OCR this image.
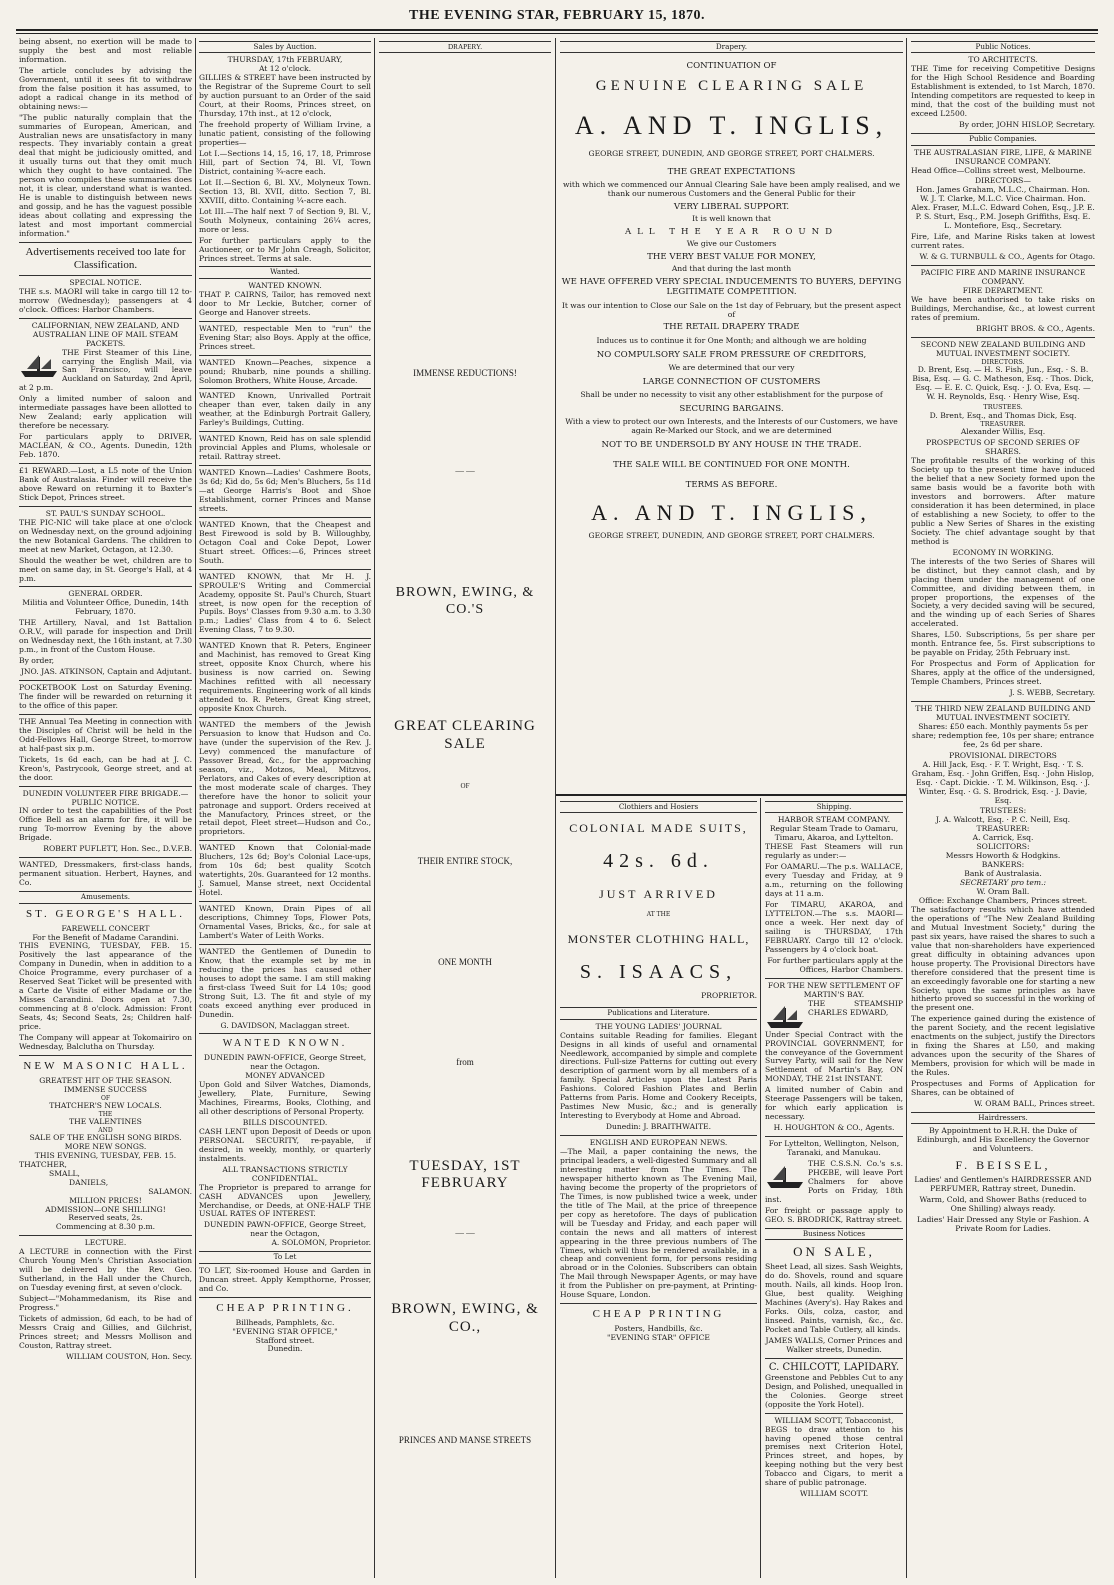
THE EVENING STAR, FEBRUARY 15, 1870.

being absent, no exertion will be made to supply the best and most reliable information.

The article concludes by advising the Government, until it sees fit to withdraw from the false position it has assumed, to adopt a radical change in its method of obtaining news:—

"The public naturally complain that the summaries of European, American, and Australian news are unsatisfactory in many respects. They invariably contain a great deal that might be judiciously omitted, and it usually turns out that they omit much which they ought to have contained. The person who compiles these summaries does not, it is clear, understand what is wanted. He is unable to distinguish between news and gossip, and he has the vaguest possible ideas about collating and expressing the latest and most important commercial information."

Advertisements received too late for Classification.
SPECIAL NOTICE.

THE s.s. MAORI will take in cargo till 12 to-morrow (Wednesday); passengers at 4 o'clock. Offices: Harbor Chambers.

CALIFORNIAN, NEW ZEALAND, AND AUSTRALIAN LINE OF MAIL STEAM PACKETS.

THE First Steamer of this Line, carrying the English Mail, via San Francisco, will leave Auckland on Saturday, 2nd April, at 2 p.m.

Only a limited number of saloon and intermediate passages have been allotted to New Zealand; early application will therefore be necessary.

For particulars apply to DRIVER, MACLEAN, & CO., Agents. Dunedin, 12th Feb. 1870.

£1 REWARD.—Lost, a L5 note of the Union Bank of Australasia. Finder will receive the above Reward on returning it to Baxter's Stick Depot, Princes street.

ST. PAUL'S SUNDAY SCHOOL.

THE PIC-NIC will take place at one o'clock on Wednesday next, on the ground adjoining the new Botanical Gardens. The children to meet at new Market, Octagon, at 12.30.

Should the weather be wet, children are to meet on same day, in St. George's Hall, at 4 p.m.

GENERAL ORDER.

Militia and Volunteer Office, Dunedin, 14th February, 1870.

THE Artillery, Naval, and 1st Battalion O.R.V., will parade for inspection and Drill on Wednesday next, the 16th instant, at 7.30 p.m., in front of the Custom House.

By order,

JNO. JAS. ATKINSON, Captain and Adjutant.

POCKETBOOK Lost on Saturday Evening. The finder will be rewarded on returning it to the office of this paper.

THE Annual Tea Meeting in connection with the Disciples of Christ will be held in the Odd-Fellows Hall, George Street, to-morrow at half-past six p.m.

Tickets, 1s 6d each, can be had at J. C. Kreon's, Pastrycook, George street, and at the door.

DUNEDIN VOLUNTEER FIRE BRIGADE.—PUBLIC NOTICE.

IN order to test the capabilities of the Post Office Bell as an alarm for fire, it will be rung To-morrow Evening by the above Brigade.

ROBERT PUFLETT, Hon. Sec., D.V.F.B.

WANTED, Dressmakers, first-class hands, permanent situation. Herbert, Haynes, and Co.

Amusements.
ST. GEORGE'S HALL.
FAREWELL CONCERT
For the Benefit of Madame Carandini.

THIS EVENING, TUESDAY, FEB. 15. Positively the last appearance of the Company in Dunedin, when in addition to a Choice Programme, every purchaser of a Reserved Seat Ticket will be presented with a Carte de Visite of either Madame or the Misses Carandini. Doors open at 7.30, commencing at 8 o'clock. Admission: Front Seats, 4s; Second Seats, 2s; Children half-price.

The Company will appear at Tokomairiro on Wednesday, Balclutha on Thursday.

NEW MASONIC HALL.
GREATEST HIT OF THE SEASON.
IMMENSE SUCCESS
OF
THATCHER'S NEW LOCALS.
THE
THE VALENTINES
AND
SALE OF THE ENGLISH SONG BIRDS.
MORE NEW SONGS.
THIS EVENING, TUESDAY, FEB. 15.
THATCHER,
SMALL,
DANIELS,
SALAMON.
MILLION PRICES!
ADMISSION—ONE SHILLING!
Reserved seats, 2s.
Commencing at 8.30 p.m.
LECTURE.

A LECTURE in connection with the First Church Young Men's Christian Association will be delivered by the Rev. Geo. Sutherland, in the Hall under the Church, on Tuesday evening first, at seven o'clock.

Subject—"Mohammedanism, its Rise and Progress."

Tickets of admission, 6d each, to be had of Messrs Craig and Gillies, and Gilchrist, Princes street; and Messrs Mollison and Couston, Rattray street.

WILLIAM COUSTON, Hon. Secy.

Sales by Auction.
THURSDAY, 17th FEBRUARY,
At 12 o'clock.

GILLIES & STREET have been instructed by the Registrar of the Supreme Court to sell by auction pursuant to an Order of the said Court, at their Rooms, Princes street, on Thursday, 17th inst., at 12 o'clock,

The freehold property of William Irvine, a lunatic patient, consisting of the following properties—

Lot I.—Sections 14, 15, 16, 17, 18, Primrose Hill, part of Section 74, Bl. VI, Town District, containing ¾-acre each.

Lot II.—Section 6, Bl. XV., Molyneux Town. Section 13, Bl. XVII, ditto. Section 7, Bl. XXVIII, ditto. Containing ¼-acre each.

Lot III.—The half next 7 of Section 9, Bl. V., South Molyneux, containing 26¼ acres, more or less.

For further particulars apply to the Auctioneer, or to Mr John Creagh, Solicitor, Princes street. Terms at sale.

Wanted.
WANTED KNOWN.

THAT P. CAIRNS, Tailor, has removed next door to Mr Leckie, Butcher, corner of George and Hanover streets.

WANTED, respectable Men to "run" the Evening Star; also Boys. Apply at the office, Princes street.

WANTED Known—Peaches, sixpence a pound; Rhubarb, nine pounds a shilling. Solomon Brothers, White House, Arcade.

WANTED Known, Unrivalled Portrait cheaper than ever, taken daily in any weather, at the Edinburgh Portrait Gallery, Farley's Buildings, Cutting.

WANTED Known, Reid has on sale splendid provincial Apples and Plums, wholesale or retail. Rattray street.

WANTED Known—Ladies' Cashmere Boots, 3s 6d; Kid do, 5s 6d; Men's Bluchers, 5s 11d—at George Harris's Boot and Shoe Establishment, corner Princes and Manse streets.

WANTED Known, that the Cheapest and Best Firewood is sold by B. Willoughby, Octagon Coal and Coke Depot, Lower Stuart street. Offices:—6, Princes street South.

WANTED KNOWN, that Mr H. J. SPROULE'S Writing and Commercial Academy, opposite St. Paul's Church, Stuart street, is now open for the reception of Pupils. Boys' Classes from 9.30 a.m. to 3.30 p.m.; Ladies' Class from 4 to 6. Select Evening Class, 7 to 9.30.

WANTED Known that R. Peters, Engineer and Machinist, has removed to Great King street, opposite Knox Church, where his business is now carried on. Sewing Machines refitted with all necessary requirements. Engineering work of all kinds attended to. R. Peters, Great King street, opposite Knox Church.

WANTED the members of the Jewish Persuasion to know that Hudson and Co. have (under the supervision of the Rev. J. Levy) commenced the manufacture of Passover Bread, &c., for the approaching season, viz., Motzos, Meal, Mitzvos, Perlators, and Cakes of every description at the most moderate scale of charges. They therefore have the honor to solicit your patronage and support. Orders received at the Manufactory, Princes street, or the retail depot, Fleet street—Hudson and Co., proprietors.

WANTED Known that Colonial-made Bluchers, 12s 6d; Boy's Colonial Lace-ups, from 10s 6d; best quality Scotch watertights, 20s. Guaranteed for 12 months. J. Samuel, Manse street, next Occidental Hotel.

WANTED Known, Drain Pipes of all descriptions, Chimney Tops, Flower Pots, Ornamental Vases, Bricks, &c., for sale at Lambert's Water of Leith Works.

WANTED the Gentlemen of Dunedin to Know, that the example set by me in reducing the prices has caused other houses to adopt the same. I am still making a first-class Tweed Suit for L4 10s; good Strong Suit, L3. The fit and style of my coats exceed anything ever produced in Dunedin.

G. DAVIDSON, Maclaggan street.

WANTED KNOWN.
DUNEDIN PAWN-OFFICE, George Street, near the Octagon.
MONEY ADVANCED

Upon Gold and Silver Watches, Diamonds, Jewellery, Plate, Furniture, Sewing Machines, Firearms, Books, Clothing, and all other descriptions of Personal Property.

BILLS DISCOUNTED.

CASH LENT upon Deposit of Deeds or upon PERSONAL SECURITY, re-payable, if desired, in weekly, monthly, or quarterly instalments.

ALL TRANSACTIONS STRICTLY CONFIDENTIAL.

The Proprietor is prepared to arrange for CASH ADVANCES upon Jewellery, Merchandise, or Deeds, at ONE-HALF THE USUAL RATES OF INTEREST.

DUNEDIN PAWN-OFFICE, George Street, near the Octagon,
A. SOLOMON, Proprietor.
To Let

TO LET, Six-roomed House and Garden in Duncan street. Apply Kempthorne, Prosser, and Co.

CHEAP PRINTING.
Billheads, Pamphlets, &c.
"EVENING STAR OFFICE,"
Stafford street.
Dunedin.
DRAPERY.
IMMENSE REDUCTIONS!
— —
BROWN, EWING, & CO.'S
GREAT CLEARING SALE
OF
THEIR ENTIRE STOCK,
ONE MONTH
from
TUESDAY, 1ST FEBRUARY
— —
BROWN, EWING, & CO.,
PRINCES AND MANSE STREETS
Drapery.
CONTINUATION OF
GENUINE CLEARING SALE
A. AND T. INGLIS,
GEORGE STREET, DUNEDIN, AND GEORGE STREET, PORT CHALMERS.
THE GREAT EXPECTATIONS
with which we commenced our Annual Clearing Sale have been amply realised, and we thank our numerous Customers and the General Public for their
VERY LIBERAL SUPPORT.
It is well known that
ALL THE YEAR ROUND
We give our Customers
THE VERY BEST VALUE FOR MONEY,
And that during the last month
WE HAVE OFFERED VERY SPECIAL INDUCEMENTS TO BUYERS, DEFYING LEGITIMATE COMPETITION.
It was our intention to Close our Sale on the 1st day of February, but the present aspect of
THE RETAIL DRAPERY TRADE
Induces us to continue it for One Month; and although we are holding
NO COMPULSORY SALE FROM PRESSURE OF CREDITORS,
We are determined that our very
LARGE CONNECTION OF CUSTOMERS
Shall be under no necessity to visit any other establishment for the purpose of
SECURING BARGAINS.
With a view to protect our own Interests, and the Interests of our Customers, we have again Re-Marked our Stock, and we are determined
NOT TO BE UNDERSOLD BY ANY HOUSE IN THE TRADE.
THE SALE WILL BE CONTINUED FOR ONE MONTH.
TERMS AS BEFORE.
A. AND T. INGLIS,
GEORGE STREET, DUNEDIN, AND GEORGE STREET, PORT CHALMERS.
Clothiers and Hosiers
COLONIAL MADE SUITS,
42s. 6d.
JUST ARRIVED
AT THE
MONSTER CLOTHING HALL,
S. ISAACS,
PROPRIETOR.
Publications and Literature.
THE YOUNG LADIES' JOURNAL

Contains suitable Reading for families. Elegant Designs in all kinds of useful and ornamental Needlework, accompanied by simple and complete directions. Full-size Patterns for cutting out every description of garment worn by all members of a family. Special Articles upon the Latest Paris Fashions. Colored Fashion Plates and Berlin Patterns from Paris. Home and Cookery Receipts, Pastimes New Music, &c.; and is generally Interesting to Everybody at Home and Abroad.

Dunedin: J. BRAITHWAITE.
ENGLISH AND EUROPEAN NEWS.

—The Mail, a paper containing the news, the principal leaders, a well-digested Summary and all interesting matter from The Times. The newspaper hitherto known as The Evening Mail, having become the property of the proprietors of The Times, is now published twice a week, under the title of The Mail, at the price of threepence per copy as heretofore. The days of publication will be Tuesday and Friday, and each paper will contain the news and all matters of interest appearing in the three previous numbers of The Times, which will thus be rendered available, in a cheap and convenient form, for persons residing abroad or in the Colonies. Subscribers can obtain The Mail through Newspaper Agents, or may have it from the Publisher on pre-payment, at Printing-House Square, London.

CHEAP PRINTING
Posters, Handbills, &c.
"EVENING STAR" OFFICE
Shipping.
HARBOR STEAM COMPANY.
Regular Steam Trade to Oamaru, Timaru, Akaroa, and Lyttelton.

THESE Fast Steamers will run regularly as under:—

For OAMARU.—The p.s. WALLACE, every Tuesday and Friday, at 9 a.m., returning on the following days at 11 a.m.

For TIMARU, AKAROA, and LYTTELTON.—The s.s. MAORI—once a week. Her next day of sailing is THURSDAY, 17th FEBRUARY. Cargo till 12 o'clock. Passengers by 4 o'clock boat.

For further particulars apply at the Offices, Harbor Chambers.

FOR THE NEW SETTLEMENT OF MARTIN'S BAY.

THE STEAMSHIP CHARLES EDWARD,

Under Special Contract with the PROVINCIAL GOVERNMENT, for the conveyance of the Government Survey Party, will sail for the New Settlement of Martin's Bay, ON MONDAY, THE 21st INSTANT.

A limited number of Cabin and Steerage Passengers will be taken, for which early application is necessary.

H. HOUGHTON & CO., Agents.

For Lyttelton, Wellington, Nelson, Taranaki, and Manukau.

THE C.S.S.N. Co.'s s.s. PHŒBE, will leave Port Chalmers for above Ports on Friday, 18th inst.

For freight or passage apply to GEO. S. BRODRICK, Rattray street.

Business Notices
ON SALE,

Sheet Lead, all sizes. Sash Weights, do do. Shovels, round and square mouth. Nails, all kinds. Hoop Iron. Glue, best quality. Weighing Machines (Avery's). Hay Rakes and Forks. Oils, colza, castor, and linseed. Paints, varnish, &c., &c. Pocket and Table Cutlery, all kinds.

JAMES WALLS, Corner Princes and Walker streets, Dunedin.

C. CHILCOTT, LAPIDARY.

Greenstone and Pebbles Cut to any Design, and Polished, unequalled in the Colonies. George street (opposite the York Hotel).

WILLIAM SCOTT, Tobacconist,

BEGS to draw attention to his having opened those central premises next Criterion Hotel, Princes street, and hopes, by keeping nothing but the very best Tobacco and Cigars, to merit a share of public patronage.

WILLIAM SCOTT.

Public Notices.
TO ARCHITECTS.

THE Time for receiving Competitive Designs for the High School Residence and Boarding Establishment is extended, to 1st March, 1870. Intending competitors are requested to keep in mind, that the cost of the building must not exceed L2500.

By order, JOHN HISLOP, Secretary.

Public Companies.
THE AUSTRALASIAN FIRE, LIFE, & MARINE INSURANCE COMPANY.

Head Office—Collins street west, Melbourne.

DIRECTORS—

Hon. James Graham, M.L.C., Chairman. Hon. W. J. T. Clarke, M.L.C. Vice Chairman. Hon. Alex. Fraser, M.L.C. Edward Cohen, Esq., J.P. E. P. S. Sturt, Esq., P.M. Joseph Griffiths, Esq. E. L. Montefiore, Esq., Secretary.

Fire, Life, and Marine Risks taken at lowest current rates.

W. & G. TURNBULL & CO., Agents for Otago.

PACIFIC FIRE AND MARINE INSURANCE COMPANY.
FIRE DEPARTMENT.

We have been authorised to take risks on Buildings, Merchandise, &c., at lowest current rates of premium.

BRIGHT BROS. & CO., Agents.

SECOND NEW ZEALAND BUILDING AND MUTUAL INVESTMENT SOCIETY.
DIRECTORS.

D. Brent, Esq. — H. S. Fish, Jun., Esq. · S. B. Bisa, Esq. — G. C. Matheson, Esq. · Thos. Dick, Esq. — E. E. C. Quick, Esq. · J. O. Eva, Esq. — W. H. Reynolds, Esq. · Henry Wise, Esq.

TRUSTEES.
D. Brent, Esq., and Thomas Dick, Esq.
TREASURER.
Alexander Willis, Esq.
PROSPECTUS OF SECOND SERIES OF SHARES.

The profitable results of the working of this Society up to the present time have induced the belief that a new Society formed upon the same basis would be a favorite both with investors and borrowers. After mature consideration it has been determined, in place of establishing a new Society, to offer to the public a New Series of Shares in the existing Society. The chief advantage sought by that method is

ECONOMY IN WORKING.

The interests of the two Series of Shares will be distinct, but they cannot clash, and by placing them under the management of one Committee, and dividing between them, in proper proportions, the expenses of the Society, a very decided saving will be secured, and the winding up of each Series of Shares accelerated.

Shares, L50. Subscriptions, 5s per share per month. Entrance fee, 5s. First subscriptions to be payable on Friday, 25th February inst.

For Prospectus and Form of Application for Shares, apply at the office of the undersigned, Temple Chambers, Princes street.

J. S. WEBB, Secretary.

THE THIRD NEW ZEALAND BUILDING AND MUTUAL INVESTMENT SOCIETY.

Shares: £50 each. Monthly payments 5s per share; redemption fee, 10s per share; entrance fee, 2s 6d per share.

PROVISIONAL DIRECTORS

A. Hill Jack, Esq. · F. T. Wright, Esq. · T. S. Graham, Esq. · John Griffen, Esq. · John Hislop, Esq. · Capt. Dickie. · T. M. Wilkinson, Esq. · J. Winter, Esq. · G. S. Brodrick, Esq. · J. Davie, Esq.

TRUSTEES:
J. A. Walcott, Esq. · P. C. Neill, Esq.
TREASURER:
A. Carrick, Esq.
SOLICITORS:
Messrs Howorth & Hodgkins.
BANKERS:
Bank of Australasia.
SECRETARY pro tem.:
W. Oram Ball.
Office: Exchange Chambers, Princes street.

The satisfactory results which have attended the operations of "The New Zealand Building and Mutual Investment Society," during the past six years, have raised the shares to such a value that non-shareholders have experienced great difficulty in obtaining advances upon house property. The Provisional Directors have therefore considered that the present time is an exceedingly favorable one for starting a new Society, upon the same principles as have hitherto proved so successful in the working of the present one.

The experience gained during the existence of the parent Society, and the recent legislative enactments on the subject, justify the Directors in fixing the Shares at L50, and making advances upon the security of the Shares of Members, provision for which will be made in the Rules.

Prospectuses and Forms of Application for Shares, can be obtained of

W. ORAM BALL, Princes street.

Hairdressers.

By Appointment to H.R.H. the Duke of Edinburgh, and His Excellency the Governor and Volunteers.

F. BEISSEL,

Ladies' and Gentlemen's HAIRDRESSER AND PERFUMER, Rattray street, Dunedin.

Warm, Cold, and Shower Baths (reduced to One Shilling) always ready.

Ladies' Hair Dressed any Style or Fashion. A Private Room for Ladies.
